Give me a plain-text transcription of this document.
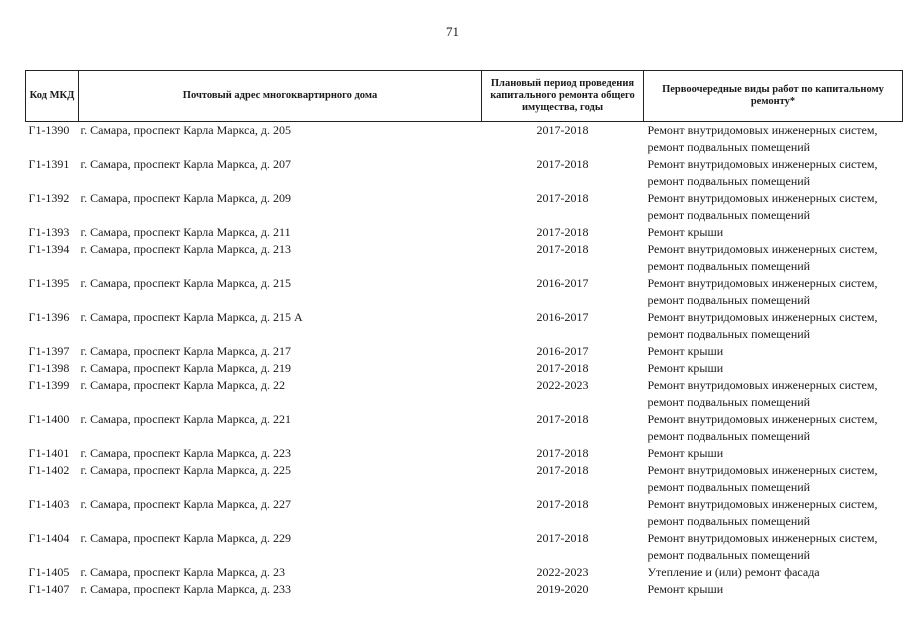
71
Код МКД	Почтовый адрес многоквартирного дома	Плановый период проведения капитального ремонта общего имущества, годы	Первоочередные виды работ по капитальному ремонту*
Г1-1390	г. Самара, проспект Карла Маркса, д. 205	2017-2018	Ремонт внутридомовых инженерных систем, ремонт подвальных помещений
Г1-1391	г. Самара, проспект Карла Маркса, д. 207	2017-2018	Ремонт внутридомовых инженерных систем, ремонт подвальных помещений
Г1-1392	г. Самара, проспект Карла Маркса, д. 209	2017-2018	Ремонт внутридомовых инженерных систем, ремонт подвальных помещений
Г1-1393	г. Самара, проспект Карла Маркса, д. 211	2017-2018	Ремонт крыши
Г1-1394	г. Самара, проспект Карла Маркса, д. 213	2017-2018	Ремонт внутридомовых инженерных систем, ремонт подвальных помещений
Г1-1395	г. Самара, проспект Карла Маркса, д. 215	2016-2017	Ремонт внутридомовых инженерных систем, ремонт подвальных помещений
Г1-1396	г. Самара, проспект Карла Маркса, д. 215 А	2016-2017	Ремонт внутридомовых инженерных систем, ремонт подвальных помещений
Г1-1397	г. Самара, проспект Карла Маркса, д. 217	2016-2017	Ремонт крыши
Г1-1398	г. Самара, проспект Карла Маркса, д. 219	2017-2018	Ремонт крыши
Г1-1399	г. Самара, проспект Карла Маркса, д. 22	2022-2023	Ремонт внутридомовых инженерных систем, ремонт подвальных помещений
Г1-1400	г. Самара, проспект Карла Маркса, д. 221	2017-2018	Ремонт внутридомовых инженерных систем, ремонт подвальных помещений
Г1-1401	г. Самара, проспект Карла Маркса, д. 223	2017-2018	Ремонт крыши
Г1-1402	г. Самара, проспект Карла Маркса, д. 225	2017-2018	Ремонт внутридомовых инженерных систем, ремонт подвальных помещений
Г1-1403	г. Самара, проспект Карла Маркса, д. 227	2017-2018	Ремонт внутридомовых инженерных систем, ремонт подвальных помещений
Г1-1404	г. Самара, проспект Карла Маркса, д. 229	2017-2018	Ремонт внутридомовых инженерных систем, ремонт подвальных помещений
Г1-1405	г. Самара, проспект Карла Маркса, д. 23	2022-2023	Утепление и (или) ремонт фасада
Г1-1407	г. Самара, проспект Карла Маркса, д. 233	2019-2020	Ремонт крыши
